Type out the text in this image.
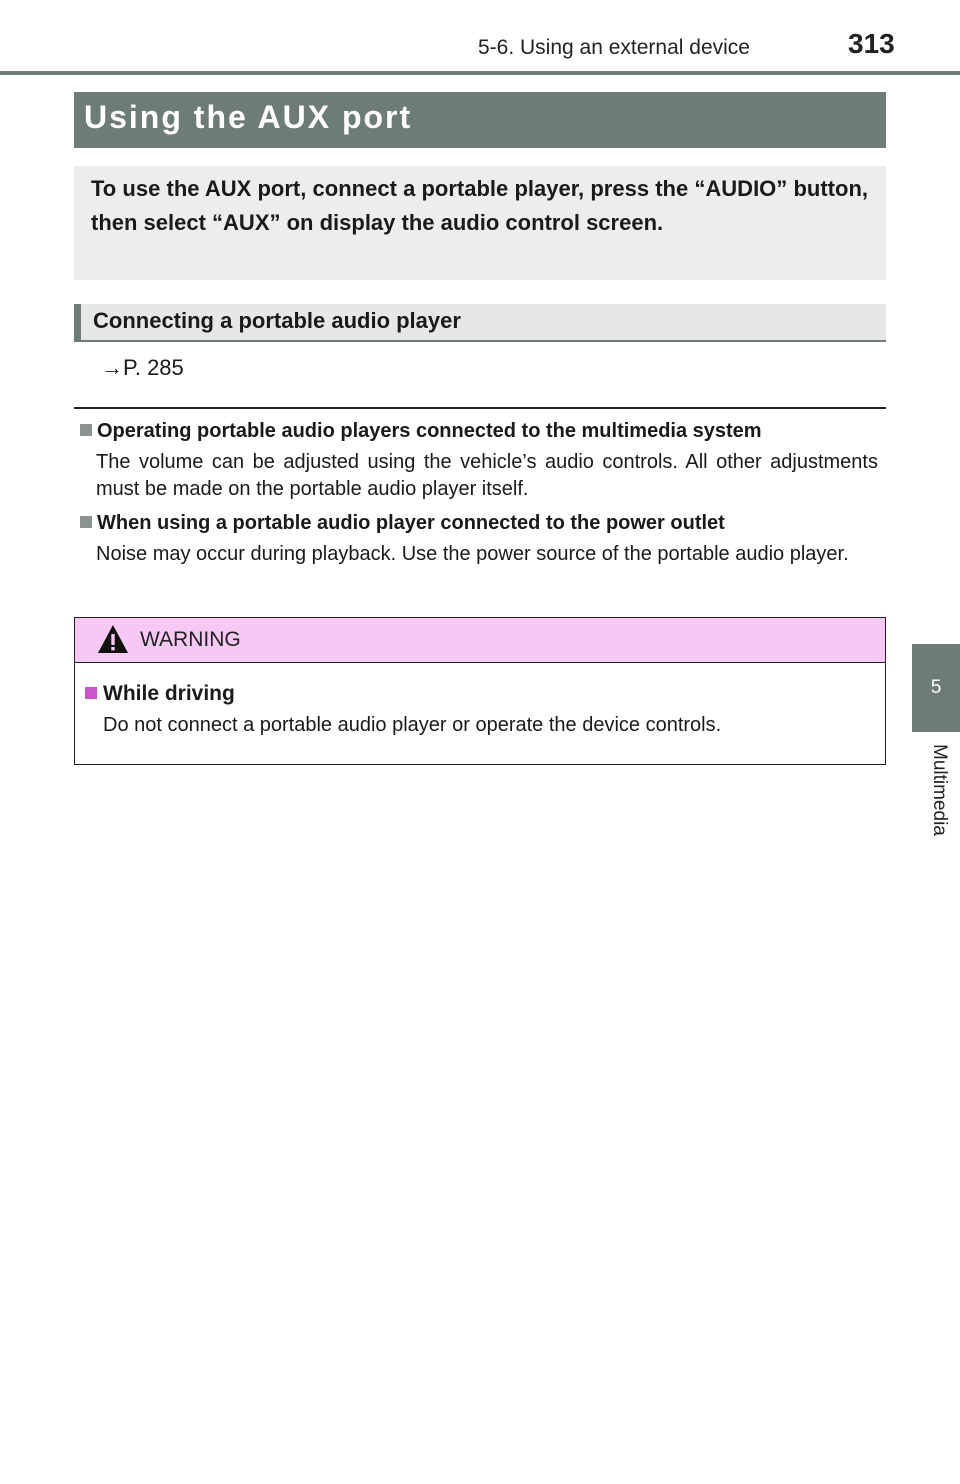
5-6. Using an external device	313
5
Multimedia
Using the AUX port

To use the AUX port, connect a portable player, press the “AUDIO” button, then select “AUX” on display the audio control screen.

Connecting a portable audio player
→P. 285
Operating portable audio players connected to the multimedia system

The volume can be adjusted using the vehicle’s audio controls. All other adjustments must be made on the portable audio player itself.

When using a portable audio player connected to the power outlet

Noise may occur during playback. Use the power source of the portable audio player.

WARNING
While driving
Do not connect a portable audio player or operate the device controls.
